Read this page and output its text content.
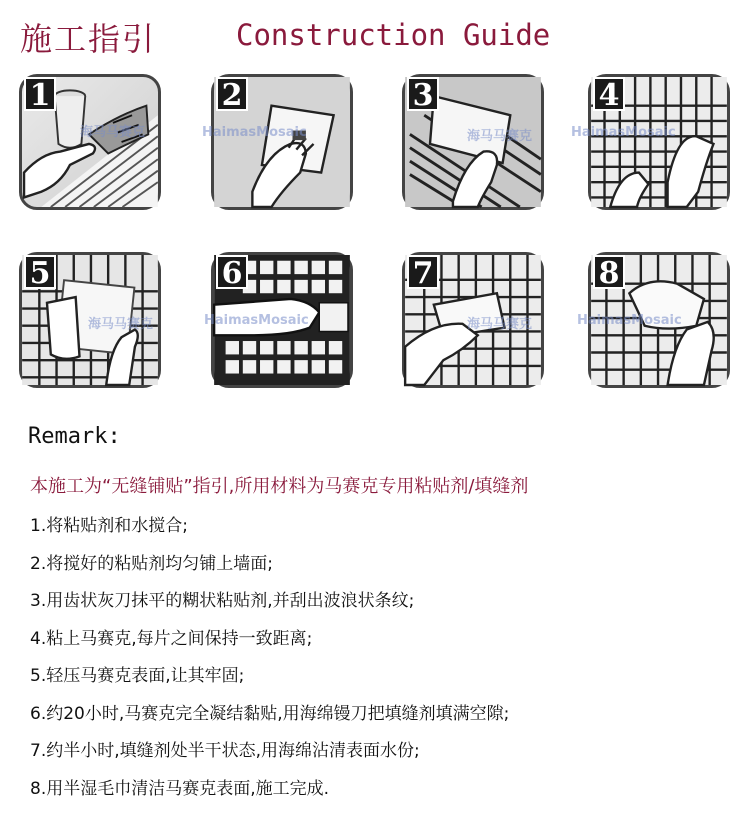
施工指引	Construction Guide
1
海马马赛克
2
HaimasMosaic
3
海马马赛克
4
HaimasMosaic
5
海马马赛克
6
HaimasMosaic
7
海马马赛克
8
HaimasMosaic
Remark:
本施工为“无缝铺贴”指引,所用材料为马赛克专用粘贴剂/填缝剂
1.将粘贴剂和水搅合;
2.将搅好的粘贴剂均匀铺上墙面;
3.用齿状灰刀抹平的糊状粘贴剂,并刮出波浪状条纹;
4.粘上马赛克,每片之间保持一致距离;
5.轻压马赛克表面,让其牢固;
6.约20小时,马赛克完全凝结黏贴,用海绵镘刀把填缝剂填满空隙;
7.约半小时,填缝剂处半干状态,用海绵沾清表面水份;
8.用半湿毛巾清洁马赛克表面,施工完成.
